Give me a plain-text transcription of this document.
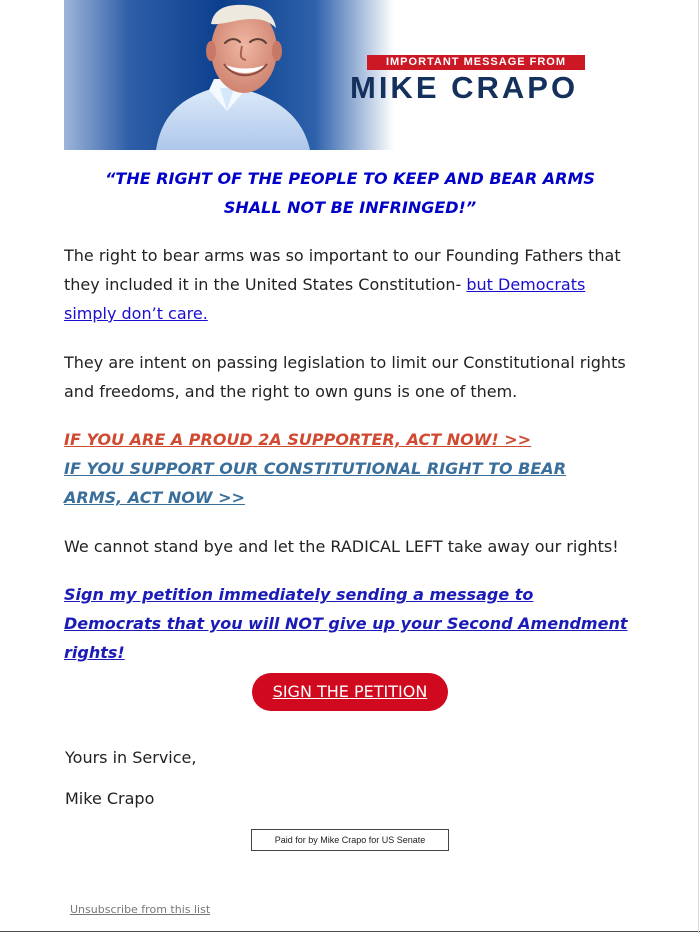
IMPORTANT MESSAGE FROM
MIKE CRAPO
“THE RIGHT OF THE PEOPLE TO KEEP AND BEAR ARMS SHALL NOT BE INFRINGED!”
The right to bear arms was so important to our Founding Fathers that they included it in the United States Constitution- but Democrats simply don’t care.
They are intent on passing legislation to limit our Constitutional rights and freedoms, and the right to own guns is one of them.
IF YOU ARE A PROUD 2A SUPPORTER, ACT NOW! >>
IF YOU SUPPORT OUR CONSTITUTIONAL RIGHT TO BEAR ARMS, ACT NOW >>
We cannot stand bye and let the RADICAL LEFT take away our rights!
Sign my petition immediately sending a message to Democrats that you will NOT give up your Second Amendment rights!
SIGN THE PETITION
Yours in Service,
Mike Crapo
Paid for by Mike Crapo for US Senate
Unsubscribe from this list
